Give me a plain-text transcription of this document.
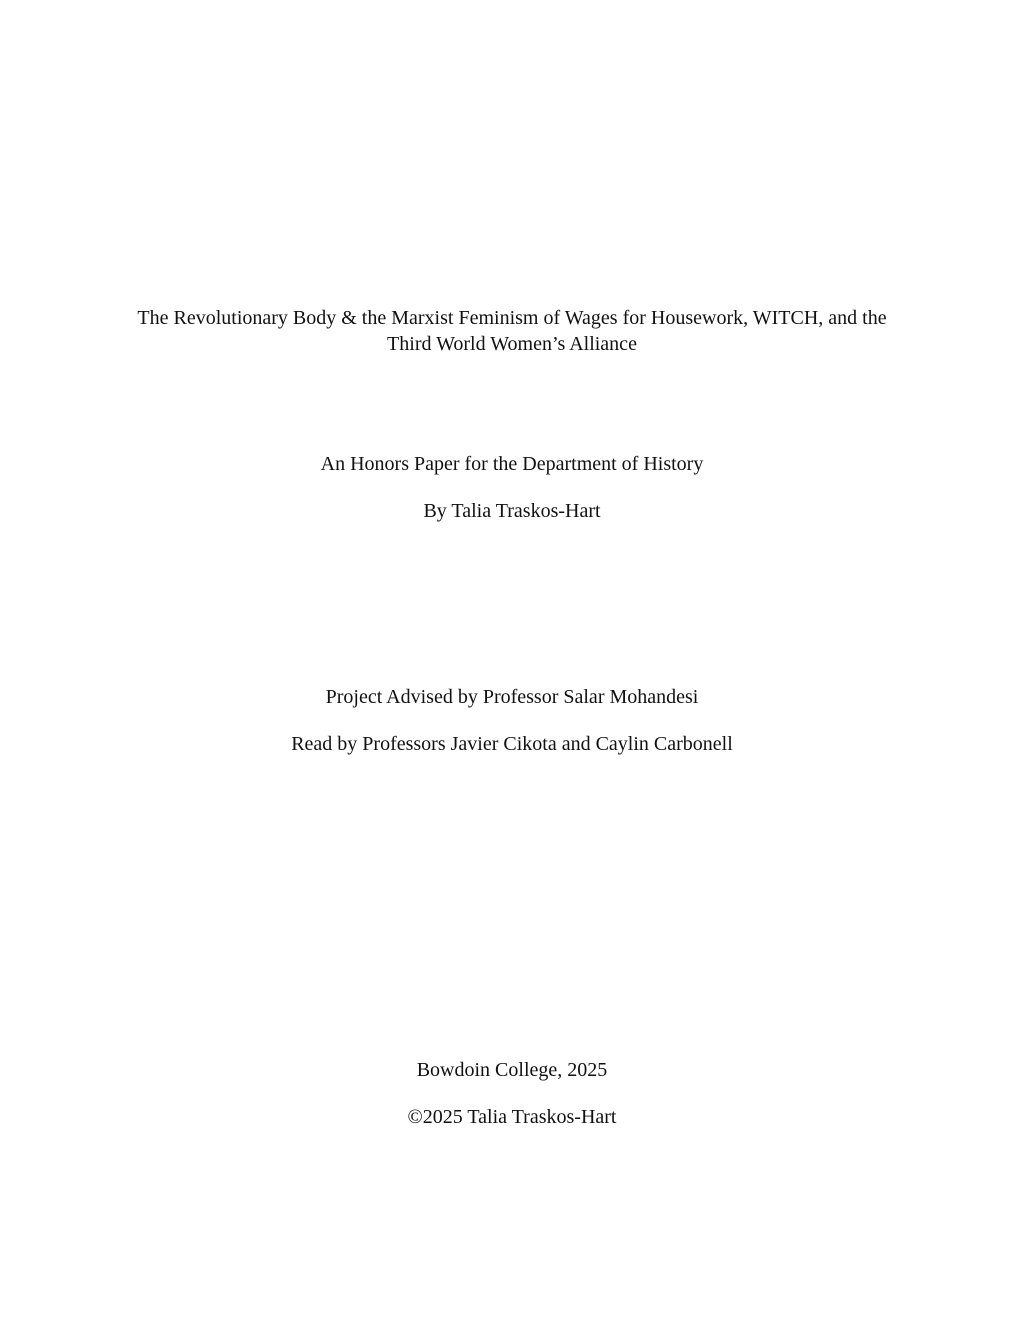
The Revolutionary Body & the Marxist Feminism of Wages for Housework, WITCH, and the
Third World Women’s Alliance
An Honors Paper for the Department of History
By Talia Traskos-Hart
Project Advised by Professor Salar Mohandesi
Read by Professors Javier Cikota and Caylin Carbonell
Bowdoin College, 2025
©2025 Talia Traskos-Hart
